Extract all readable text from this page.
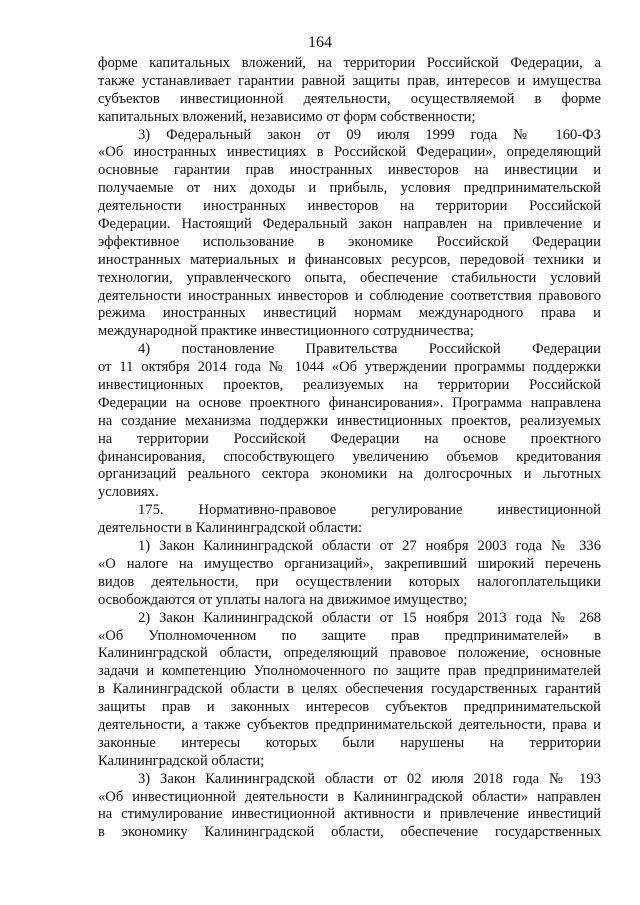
164
форме капитальных вложений, на территории Российской Федерации, а
также устанавливает гарантии равной защиты прав, интересов и имущества
субъектов инвестиционной деятельности, осуществляемой в форме
капитальных вложений, независимо от форм собственности;
3) Федеральный закон от 09 июля 1999 года № 160-ФЗ
«Об иностранных инвестициях в Российской Федерации», определяющий
основные гарантии прав иностранных инвесторов на инвестиции и
получаемые от них доходы и прибыль, условия предпринимательской
деятельности иностранных инвесторов на территории Российской
Федерации. Настоящий Федеральный закон направлен на привлечение и
эффективное использование в экономике Российской Федерации
иностранных материальных и финансовых ресурсов, передовой техники и
технологии, управленческого опыта, обеспечение стабильности условий
деятельности иностранных инвесторов и соблюдение соответствия правового
режима иностранных инвестиций нормам международного права и
международной практике инвестиционного сотрудничества;
4) постановление Правительства Российской Федерации
от 11 октября 2014 года № 1044 «Об утверждении программы поддержки
инвестиционных проектов, реализуемых на территории Российской
Федерации на основе проектного финансирования». Программа направлена
на создание механизма поддержки инвестиционных проектов, реализуемых
на территории Российской Федерации на основе проектного
финансирования, способствующего увеличению объемов кредитования
организаций реального сектора экономики на долгосрочных и льготных
условиях.
175. Нормативно-правовое регулирование инвестиционной
деятельности в Калининградской области:
1) Закон Калининградской области от 27 ноября 2003 года № 336
«О налоге на имущество организаций», закрепивший широкий перечень
видов деятельности, при осуществлении которых налогоплательщики
освобождаются от уплаты налога на движимое имущество;
2) Закон Калининградской области от 15 ноября 2013 года № 268
«Об Уполномоченном по защите прав предпринимателей» в
Калининградской области, определяющий правовое положение, основные
задачи и компетенцию Уполномоченного по защите прав предпринимателей
в Калининградской области в целях обеспечения государственных гарантий
защиты прав и законных интересов субъектов предпринимательской
деятельности, а также субъектов предпринимательской деятельности, права и
законные интересы которых были нарушены на территории
Калининградской области;
3) Закон Калининградской области от 02 июля 2018 года № 193
«Об инвестиционной деятельности в Калининградской области» направлен
на стимулирование инвестиционной активности и привлечение инвестиций
в экономику Калининградской области, обеспечение государственных
